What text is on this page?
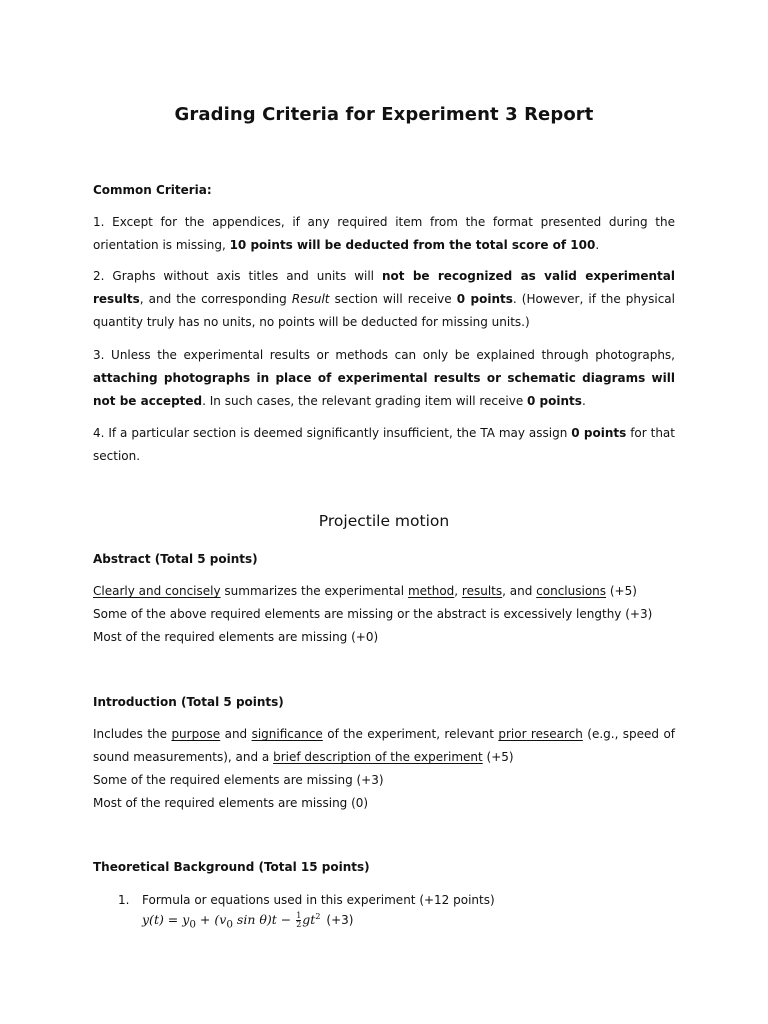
Grading Criteria for Experiment 3 Report
Common Criteria:
1. Except for the appendices, if any required item from the format presented during the orientation is missing, 10 points will be deducted from the total score of 100.
2. Graphs without axis titles and units will not be recognized as valid experimental results, and the corresponding Result section will receive 0 points. (However, if the physical quantity truly has no units, no points will be deducted for missing units.)
3. Unless the experimental results or methods can only be explained through photographs, attaching photographs in place of experimental results or schematic diagrams will not be accepted. In such cases, the relevant grading item will receive 0 points.
4. If a particular section is deemed significantly insufficient, the TA may assign 0 points for that section.
Projectile motion
Abstract (Total 5 points)
Clearly and concisely summarizes the experimental method, results, and conclusions (+5)
Some of the above required elements are missing or the abstract is excessively lengthy (+3)
Most of the required elements are missing (+0)
Introduction (Total 5 points)
Includes the purpose and significance of the experiment, relevant prior research (e.g., speed of sound measurements), and a brief description of the experiment (+5)
Some of the required elements are missing (+3)
Most of the required elements are missing (0)
Theoretical Background (Total 15 points)
1. Formula or equations used in this experiment (+12 points)
$y(t) = y_0 + (v_0$ $\sin \theta)t - \frac{1}{2} gt^2$ (+3)
